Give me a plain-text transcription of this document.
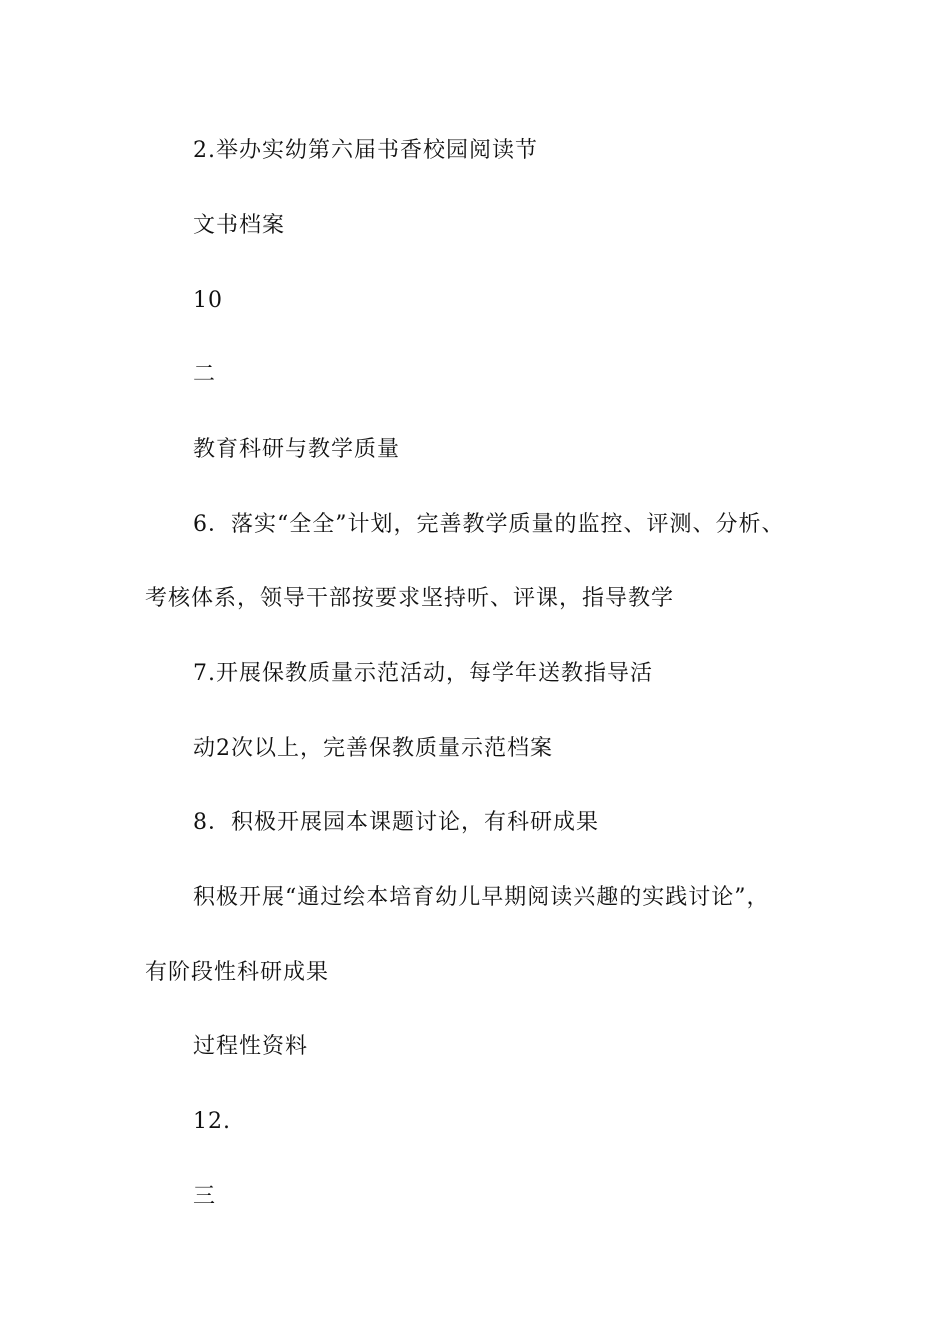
2.举办实幼第六届书香校园阅读节
文书档案
10
二
教育科研与教学质量
6．落实“全全”计划，完善教学质量的监控、评测、分析、
考核体系，领导干部按要求坚持听、评课，指导教学
7.开展保教质量示范活动，每学年送教指导活
动2次以上，完善保教质量示范档案
8．积极开展园本课题讨论，有科研成果
积极开展“通过绘本培育幼儿早期阅读兴趣的实践讨论”，
有阶段性科研成果
过程性资料
12.
三
